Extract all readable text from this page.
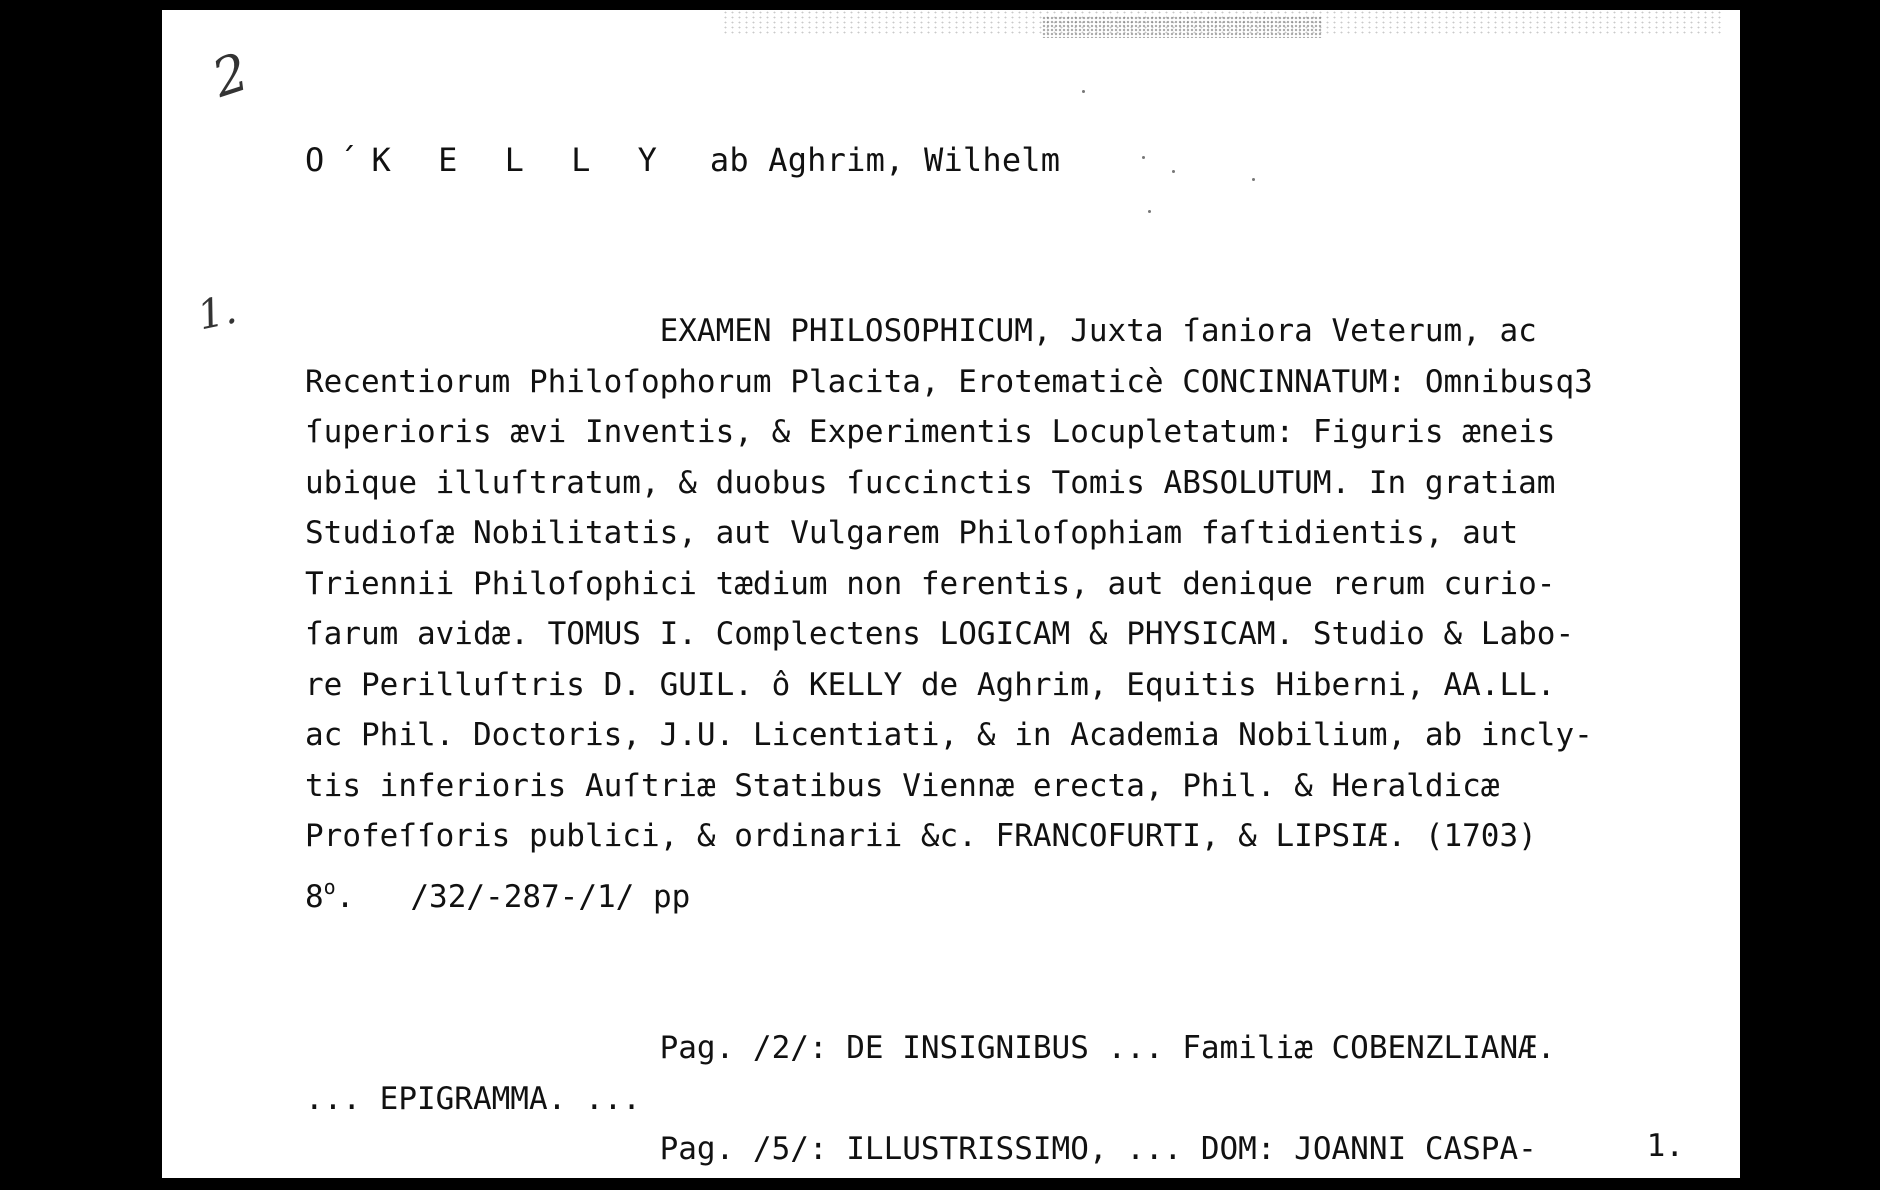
2
1.
O´K E L L Y ab Aghrim, Wilhelm
EXAMEN PHILOSOPHICUM, Juxta ſaniora Veterum, ac
Recentiorum Philoſophorum Placita, Erotematicè CONCINNATUM: Omnibusq3
ſuperioris ævi Inventis, & Experimentis Locupletatum: Figuris æneis
ubique illuſtratum, & duobus ſuccinctis Tomis ABSOLUTUM. In gratiam
Studioſæ Nobilitatis, aut Vulgarem Philoſophiam faſtidientis, aut
Triennii Philoſophici tædium non ferentis, aut denique rerum curio-
ſarum avidæ. TOMUS I. Complectens LOGICAM & PHYSICAM. Studio & Labo-
re Perilluſtris D. GUIL. ô KELLY de Aghrim, Equitis Hiberni, AA.LL.
ac Phil. Doctoris, J.U. Licentiati, & in Academia Nobilium, ab incly-
tis inferioris Auſtriæ Statibus Viennæ erecta, Phil. & Heraldicæ
Profeſſoris publici, & ordinarii &c. FRANCOFURTI, & LIPSIÆ. (1703)
8$^o$.   /32/-287-/1/ pp

Pag. /2/: DE INSIGNIBUS ... Familiæ COBENZLIANÆ.
... EPIGRAMMA. ...
Pag. /5/: ILLUSTRISSIMO, ... DOM: JOANNI CASPA-	1.
